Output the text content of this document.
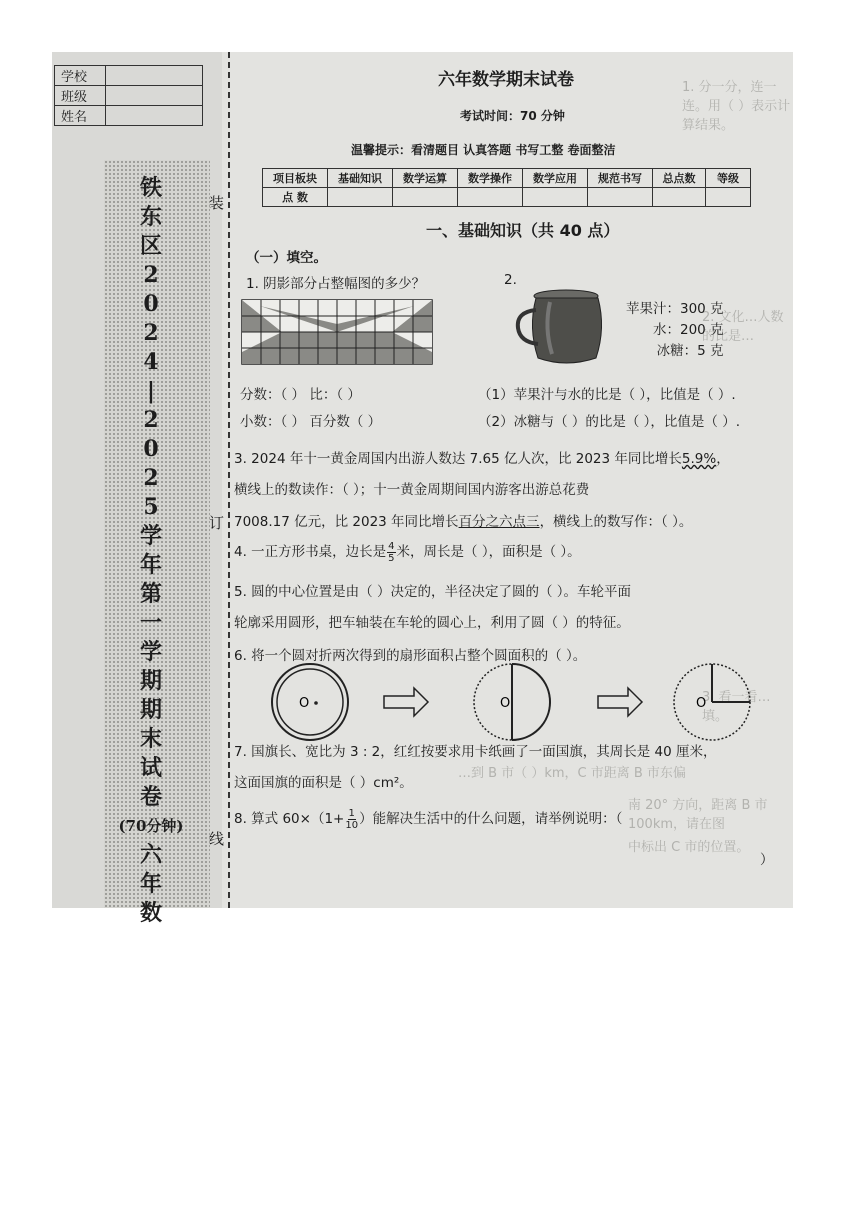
学校	
班级	
姓名	
铁
东
区
2
0
2
4
|
2
0
2
5
学
年
第
一
学
期
期
末
试
卷
(70分钟)
六
年
数
装
订
线
1. 分一分，连一连。用（ ）表示计算结果。
2. 文化…人数的比是…
3. 看一看…填。
…到 B 市（ ）km，C 市距离 B 市东偏
南 20° 方向，距离 B 市 100km，请在图
中标出 C 市的位置。
六年数学期末试卷
考试时间：70 分钟
温馨提示：看清题目 认真答题 书写工整 卷面整洁
项目板块	基础知识	数学运算	数学操作	数学应用	规范书写	总点数	等级
点 数							
一、基础知识（共 40 点）
（一）填空。
1. 阴影部分占整幅图的多少？	2.
苹果汁：300 克
水：200 克
冰糖：5 克
分数：（ ） 比：（ ）
小数：（ ） 百分数（ ）
（1）苹果汁与水的比是（ ），比值是（ ）.
（2）冰糖与（ ）的比是（ ），比值是（ ）.
3. 2024 年十一黄金周国内出游人数达 7.65 亿人次，比 2023 年同比增长5.9%，
横线上的数读作：（ ）；十一黄金周期间国内游客出游总花费
7008.17 亿元，比 2023 年同比增长百分之六点三，横线上的数写作：（ ）。
4. 一正方形书桌，边长是 $\frac{4}{5}$ 米，周长是（ ），面积是（ ）。
5. 圆的中心位置是由（ ）决定的，半径决定了圆的（ ）。车轮平面
轮廓采用圆形，把车轴装在车轮的圆心上，利用了圆（ ）的特征。
6. 将一个圆对折两次得到的扇形面积占整个圆面积的（ ）。
O	O	O
7. 国旗长、宽比为 3 : 2，红红按要求用卡纸画了一面国旗，其周长是 40 厘米，
这面国旗的面积是（ ）cm²。
8. 算式 $60\times(1+ \frac{1}{10}$ ）能解决生活中的什么问题，请举例说明：（
）
